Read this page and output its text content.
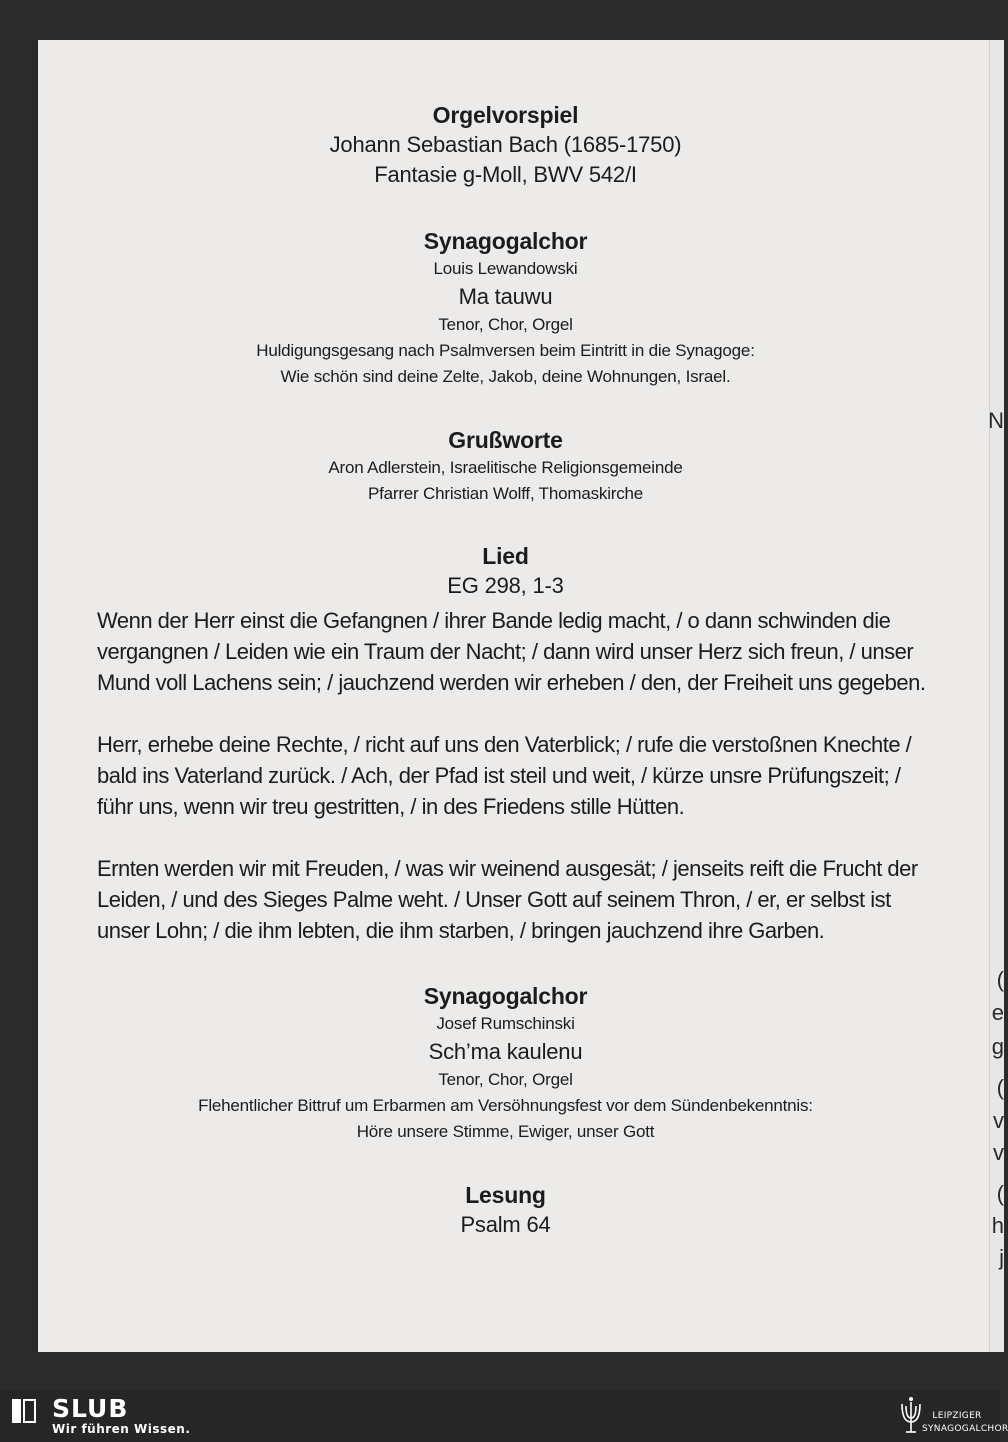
Orgelvorspiel
Johann Sebastian Bach (1685-1750)
Fantasie g-Moll, BWV 542/I
Synagogalchor
Louis Lewandowski
Ma tauwu
Tenor, Chor, Orgel
Huldigungsgesang nach Psalmversen beim Eintritt in die Synagoge:
Wie schön sind deine Zelte, Jakob, deine Wohnungen, Israel.
Grußworte
Aron Adlerstein, Israelitische Religionsgemeinde
Pfarrer Christian Wolff, Thomaskirche
Lied
EG 298, 1-3
Wenn der Herr einst die Gefangnen / ihrer Bande ledig macht, / o dann schwinden die vergangnen / Leiden wie ein Traum der Nacht; / dann wird unser Herz sich freun, / unser Mund voll Lachens sein; / jauchzend werden wir erheben / den, der Freiheit uns gegeben.
Herr, erhebe deine Rechte, / richt auf uns den Vaterblick; / rufe die verstoßnen Knechte / bald ins Vaterland zurück. / Ach, der Pfad ist steil und weit, / kürze unsre Prüfungszeit; / führ uns, wenn wir treu gestritten, / in des Friedens stille Hütten.
Ernten werden wir mit Freuden, / was wir weinend ausgesät; / jenseits reift die Frucht der Leiden, / und des Sieges Palme weht. / Unser Gott auf seinem Thron, / er, er selbst ist unser Lohn; / die ihm lebten, die ihm starben, / bringen jauchzend ihre Garben.
Synagogalchor
Josef Rumschinski
Sch’ma kaulenu
Tenor, Chor, Orgel
Flehentlicher Bittruf um Erbarmen am Versöhnungsfest vor dem Sündenbekenntnis:
Höre unsere Stimme, Ewiger, unser Gott
Lesung
Psalm 64
N
(
e
g
(
v
v
(
h
j
SLUB
Wir führen Wissen.
LEIPZIGER
SYNAGOGALCHOR
